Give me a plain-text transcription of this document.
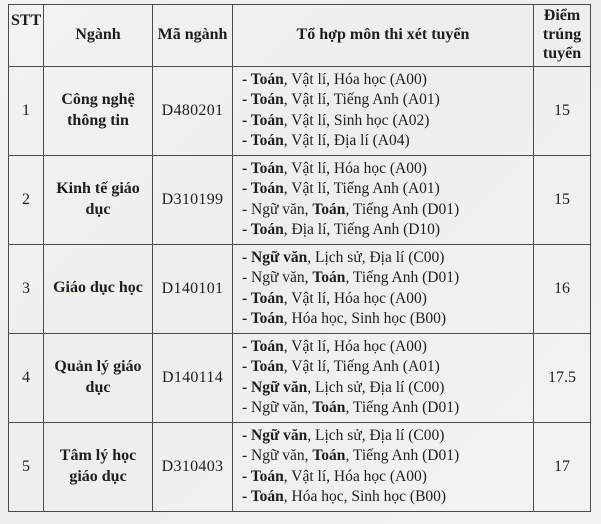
STT	Ngành	Mã ngành	Tổ hợp môn thi xét tuyển	Điểm trúng tuyển
1	Công nghệ thông tin	D480201	- Toán, Vật lí, Hóa học (A00)
- Toán, Vật lí, Tiếng Anh (A01)
- Toán, Vật lí, Sinh học (A02)
- Toán, Vật lí, Địa lí (A04)	15
2	Kinh tế giáo dục	D310199	- Toán, Vật lí, Hóa học (A00)
- Toán, Vật lí, Tiếng Anh (A01)
- Ngữ văn, Toán, Tiếng Anh (D01)
- Toán, Địa lí, Tiếng Anh (D10)	15
3	Giáo dục học	D140101	- Ngữ văn, Lịch sử, Địa lí (C00)
- Ngữ văn, Toán, Tiếng Anh (D01)
- Toán, Vật lí, Hóa học (A00)
- Toán, Hóa học, Sinh học (B00)	16
4	Quản lý giáo dục	D140114	- Toán, Vật lí, Hóa học (A00)
- Toán, Vật lí, Tiếng Anh (A01)
- Ngữ văn, Lịch sử, Địa lí (C00)
- Ngữ văn, Toán, Tiếng Anh (D01)	17.5
5	Tâm lý học giáo dục	D310403	- Ngữ văn, Lịch sử, Địa lí (C00)
- Ngữ văn, Toán, Tiếng Anh (D01)
- Toán, Vật lí, Hóa học (A00)
- Toán, Hóa học, Sinh học (B00)	17
